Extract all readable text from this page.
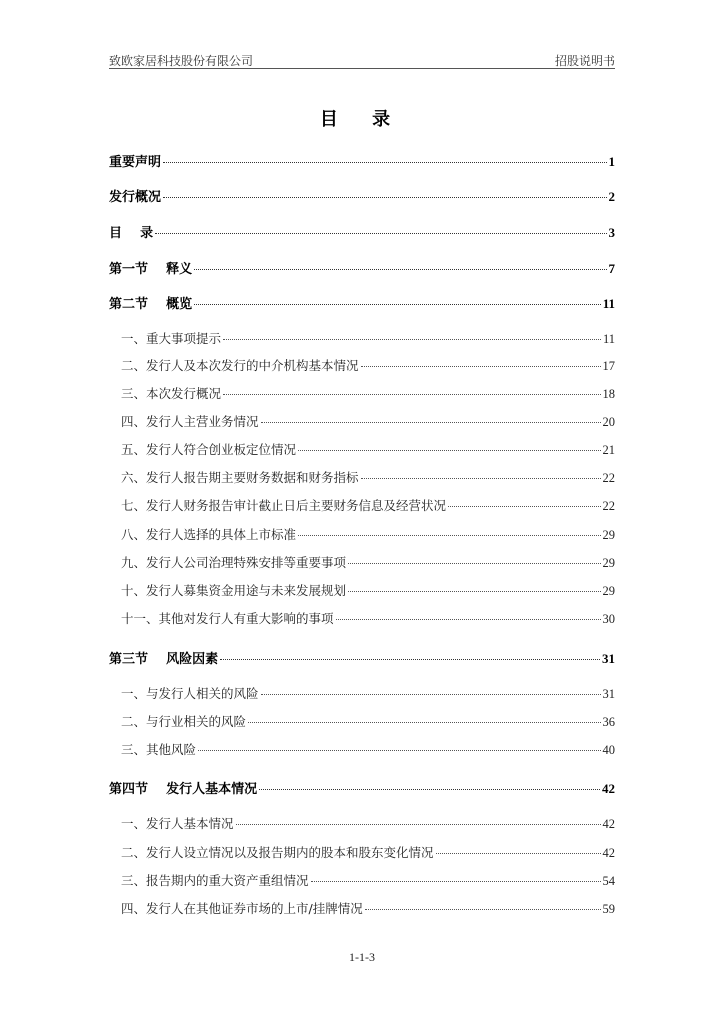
致欧家居科技股份有限公司	招股说明书
目 录
重要声明	1
发行概况	2
目    录	3
第一节    释义	7
第二节    概览	11
一、重大事项提示	11
二、发行人及本次发行的中介机构基本情况	17
三、本次发行概况	18
四、发行人主营业务情况	20
五、发行人符合创业板定位情况	21
六、发行人报告期主要财务数据和财务指标	22
七、发行人财务报告审计截止日后主要财务信息及经营状况	22
八、发行人选择的具体上市标准	29
九、发行人公司治理特殊安排等重要事项	29
十、发行人募集资金用途与未来发展规划	29
十一、其他对发行人有重大影响的事项	30
第三节    风险因素	31
一、与发行人相关的风险	31
二、与行业相关的风险	36
三、其他风险	40
第四节    发行人基本情况	42
一、发行人基本情况	42
二、发行人设立情况以及报告期内的股本和股东变化情况	42
三、报告期内的重大资产重组情况	54
四、发行人在其他证券市场的上市/挂牌情况	59
1-1-3
